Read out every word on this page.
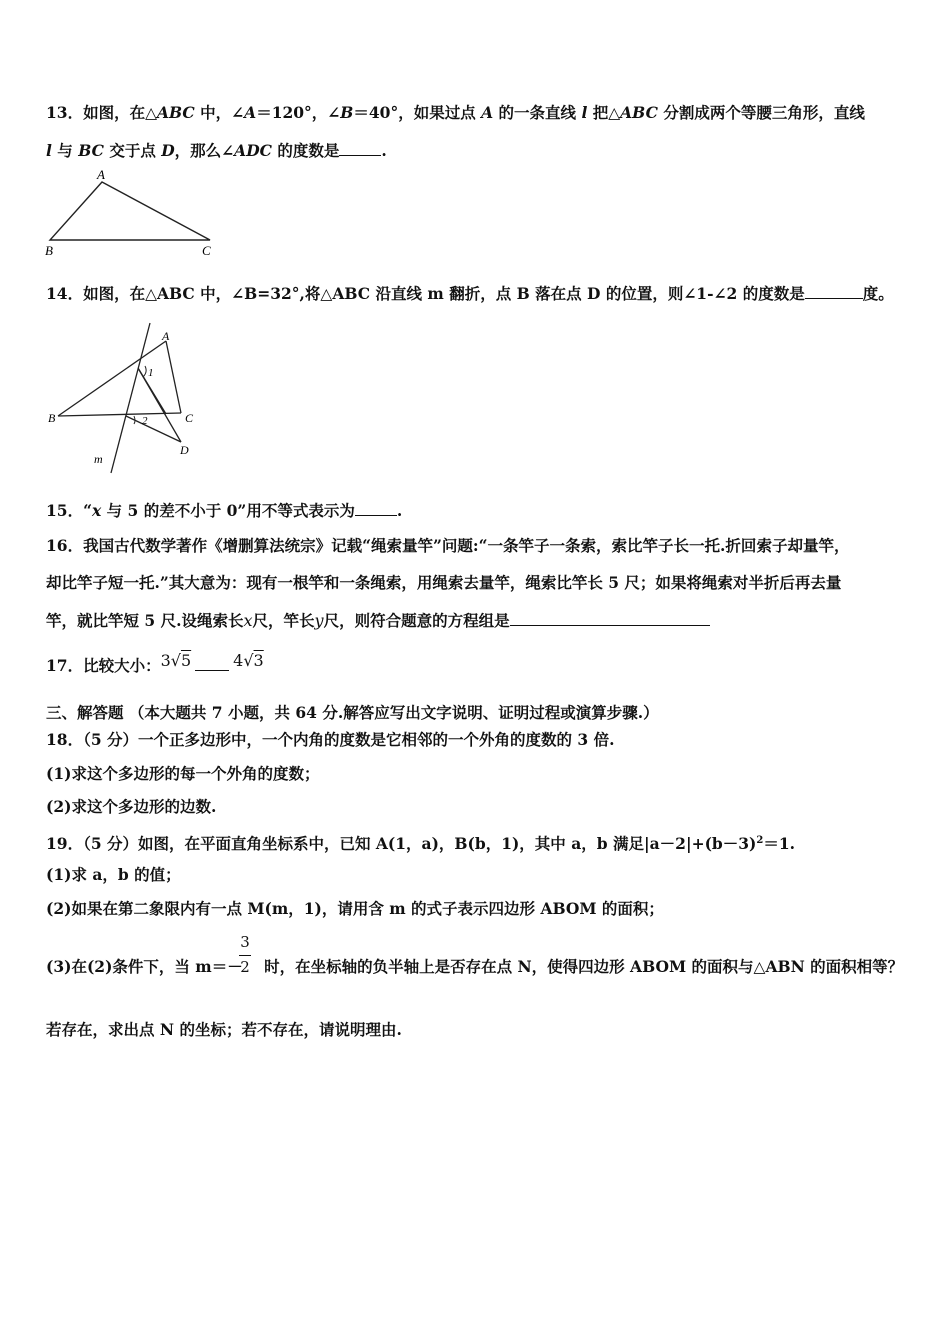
13．如图，在△ABC 中，∠A＝120°，∠B＝40°，如果过点 A 的一条直线 l 把△ABC 分割成两个等腰三角形，直线
l 与 BC 交于点 D，那么∠ADC 的度数是	.
A
B	C
14．如图，在△ABC 中，∠B=32°,将△ABC 沿直线 m 翻折，点 B 落在点 D 的位置，则∠1-∠2 的度数是	度。
A
B	C
D
m
1
2
15．“x 与 5 的差不小于 0”用不等式表示为	.
16．我国古代数学著作《增删算法统宗》记载“绳索量竿”问题:“一条竿子一条索，索比竿子长一托.折回索子却量竿，
却比竿子短一托.”其大意为：现有一根竿和一条绳索，用绳索去量竿，绳索比竿长 5 尺；如果将绳索对半折后再去量
竿，就比竿短 5 尺.设绳索长x尺，竿长y尺，则符合题意的方程组是
17．比较大小：3√5	4√3
三、解答题 （本大题共 7 小题，共 64 分.解答应写出文字说明、证明过程或演算步骤.）
18．（5 分）一个正多边形中，一个内角的度数是它相邻的一个外角的度数的 3 倍.
(1)求这个多边形的每一个外角的度数；
(2)求这个多边形的边数.
19．（5 分）如图，在平面直角坐标系中，已知 A(1，a)，B(b，1)，其中 a，b 满足$|a-2|+(b-3)^2=1$.
(1)求 a，b 的值；
(2)如果在第二象限内有一点 M(m，1)，请用含 m 的式子表示四边形 ABOM 的面积；
3
2
(3)在(2)条件下，当 m＝－ 时，在坐标轴的负半轴上是否存在点 N，使得四边形 ABOM 的面积与△ABN 的面积相等？
若存在，求出点 N 的坐标；若不存在，请说明理由.
